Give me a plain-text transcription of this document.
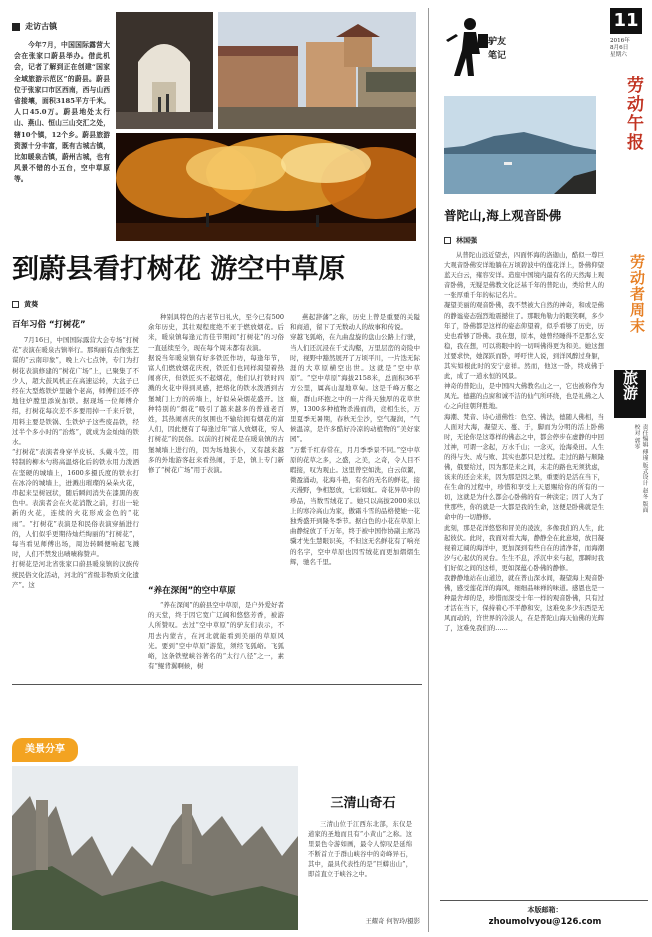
走访古镇
今年7月，中国国际露营大会在张家口蔚县举办。借此机会，记者了解到正在创建“国家全域旅游示范区”的蔚县。蔚县位于张家口市区西南，西与山西省接壤，面积3185平方千米。人口45.0万。蔚县地处太行山、燕山、恒山三山交汇之处，辖10个镇，12个乡。蔚县旅游资源十分丰富，既有古城古镇，比如暖泉古镇，蔚州古城，也有风景不错的小五台，空中草原等。
到蔚县看打树花 游空中草原
黄葵
百年习俗 “打树花”
7月16日，中国国际露营大会专场“打树花”表演在暖泉古镇举行。那绚丽有点像张艺谋的“云南印象”，晚上六七点钟，专门为打树花表演修建的“树花广场”上，已聚集了不少人，超大鼓风机正在高速运转，大盆子已经在大型炼铁炉里融个老高，师傅们还不停地往炉膛里添炭加铁。据现场一位师傅介绍，打树花每次差不多要用掉一千来斤铁，用料主要是铁锅、生铁炉子这些废品铁，经过半个多小时的“治炼”，就成为金灿灿的铁水。
“打树花”表演者身穿羊皮袄、头戴斗笠，用特制的柳木勺将高温熔化后的铁水用力泼洒在坚硬的城墙上，1600多摄氏度的铁水打在冰冷的城墙上，迸溅出璀璨的朵朵火花，串起来呈树冠状，随后瞬间消失在漆黑的夜色中。表演者会在火花消散之前，打出一轮新的火花，连续的火花形成金色的“花雨”。“打树花”表演是和民俗表演穿插进行的，人们似乎更期待灿烂绚丽的“打树花”，每当看见师傅出场，周边转瞬便响起飞溅时，人们不禁发出啧啧称赞声。
打树花是河北省张家口蔚县暖泉镇的汉族传统民俗文化活动，河北的“省级非物质文化遗产”。这
种别具特色的古老节日礼火，至今已有500余年历史，其壮观程度绝不亚于燃放烟花。后来，暖泉镇每逢元宵佳节期间“打树花”的习俗一直延续至今，现在每个周末都有表演。
据说当年暖泉镇有好多铁匠作坊，每逢年节，富人们燃放烟花庆祝，铁匠们也同样渴望着热闹喜庆，但铁匠买不起烟花，他们认打铁时四溅的火花中得到灵感，把熔化的铁水泼洒到古堡城门上方的砖墙上，好似朵朵烟花盛开。这种特别的“烟花”吸引了越来越多的普通老百姓，其热闹喜庆的氛围也不输给拥有烟花的富人们，因此便有了每逢过年“富人放烟花，穷人打树花”的民俗。以前的打树花是在暖泉镇的古堡城墙上进行的，因为场地狭小，又有越来越多的外地游客赶来看热闹，于是，镇上专门新修了“树花广场”用于表演。
“养在深闺”的空中草原
“养在深闺”的蔚县空中草原，是户外爱好者的天堂，终于因它宽广辽阔和悠悠芳香，被游人所赞叹。去过“空中草原”的驴友们表示，不用去内蒙古，在河北就能看到美丽的草原风光。要到“空中草原”游览，须经飞狐峪。飞狐峪，这条铁壁峡谷著名的“太行八径”之一，素有“鲲背翼啊候，树
燕起辞藩”之称，历史上曾是重要的关隘和商道，留下了无数动人的故事和传说。
穿越飞狐峪，在九曲盘旋的盘山公路上行驶，当人们还沉浸在千丈沟壑，万里层峦的奇险中时，视野中豁然展开了万顷平川，一片迭无际涯的大草原横空出世。这就是“空中草原”。“空中草原”海拔2158米，总面积36平方公里，属高山湿地草甸。这是千峰万壑之巅，群山环抱之中的一片得天独厚的花草世界，1300多种植物杀漫而茵，竞相生长，万里夏季无暑期，春秋无尘沙，空气凝润，“气候温凉，是许多酷好冷凉的动植物的“美好家园”。
“万紫千红春常在，月月季季景不同。”空中草原的花草之多，之盛，之美，之奇，令人目不暇接，叹为观止。这里曾空如洗，白云似絮，微盈涌动，花海斗艳，有名的无名的鲜花，接天漫野，争相怒放，七彩如虹。奇花异草中的珍品，当数雪绒花了。她只以高拔2000米以上的寒冷高山为家，傲霜斗雪的品格使她一花独秀盛开到隆冬季节。据白色的小花在草原上曲静绽放了千万年，终于被中国作协副主席冯骥才先生慧眼识英，不但这无名鲜花有了响亮的名字，空中草原也因雪绒花而更加熠熠生辉，驰名千里。
美景分享
三清山奇石
三清山位于江西东北部，东仅是道家的圣地而且有“小黄山”之称。这里景色令游如画，最令人惊叹是延绵不断首立于群山峡谷中的奇峰异石，其中，最具代表性的是“巨蟒出山”，即首直立于峡谷之中。
王耀奇 何智玲/摄影
驴友
笔记
11
2016年
8月6日
星期六
劳动午报
普陀山,海上观音卧佛
林国强
从普陀山远近望去，四面怀海的洛迦山，酷似一尊巨大观音卧佛安详地躺在万顷碧波中的莲花洋上，卧佛仰望蓝天白云，雍容安详。造座中国境内最有名的天然海上观音卧佛，无疑是佛教文化泛基千年的普陀山，类给世人的一张厚重千年的标记名片。
凝望美丽的观音卧佛，我不禁被大自然的神奇，和或是佛的静谧姿态强烈地震撼住了。那眼角勒力的眼笑啊，多少年了，卧佛都是这样的姿态仰望着，似乎看够了历史，历史也看够了卧佛。我在想，原本，她曾经睡得不是那么安稳，我在想，可以将眼中的一切叫佛得更为和美。她这想过要求快，她深跃而卧，呼吁世人说，到洋风醉过身躯，其实如根此时的安宁意祥。然而，他这一卧，终成佛于此，成了一道永恒的风景。
神奇的普陀山，是中国四大佛教名山之一，它也被称作为凤光。德慈的点窗和诚不洁的仙气所环绕，也是礼佛之人心之向往朝拜胜地。
海潮、梵音、诗心道佛性：色空、佛法，德随人佛相，当人面对大海，凝望天、蔓、于，脚而为分明的活上卧佛时，无论你是这尊样的佛态之中，都会停步在虚静的中回过神，可谓一念起，万水千山；一念灭，沧海桑田。人生的得与失、成与败、其实也都只是过程。走过的路与顺隆佛，俄要给过，因为那是来之间，未走的路也无须犹虑，该来的还会来来，因为那是因之果，重要的是活在当下，在生命的过程中，珍惜和享受上天恩赐给你的所有的一切，这就是为什么都会心卧佛的有一种淡定；因了人为了世那些，你的就是一大都是我的生命，这便是卧佛就是生命中的一切静修。
此刻，那是花洋悠悠和冒美的凌波，多像我们的人生，此起彼伏。此时，我面对看大海，静静全在此意境，放目凝视着辽阔的海洋中，更加深到有些自在的清净者，而海潮汐与心起伏的灵台。生生不息，浮沉中来与起，那瞬时我们好似之间的这样，更如深蕴心卧佛的静修。
我静静地站在山道边，就在普山深水间，凝望海上观音卧佛，感受莲花洋的海风，细细品味禅的味道。感恩也是一种最舍却的是，珍惜而深受十年一样的观音卧佛，只有过才活在当下，保持着心不平静和安，这难免多少东西是无风而动的，许世界的冷淡人，在是普陀山海天仙佛的光辉了，这难免我们的……
劳动者周末
旅游
责任编辑 傅瑾 版式设计 赵冬 版面校对 郭零
本版邮箱：
zhoumolvyou@126.com
